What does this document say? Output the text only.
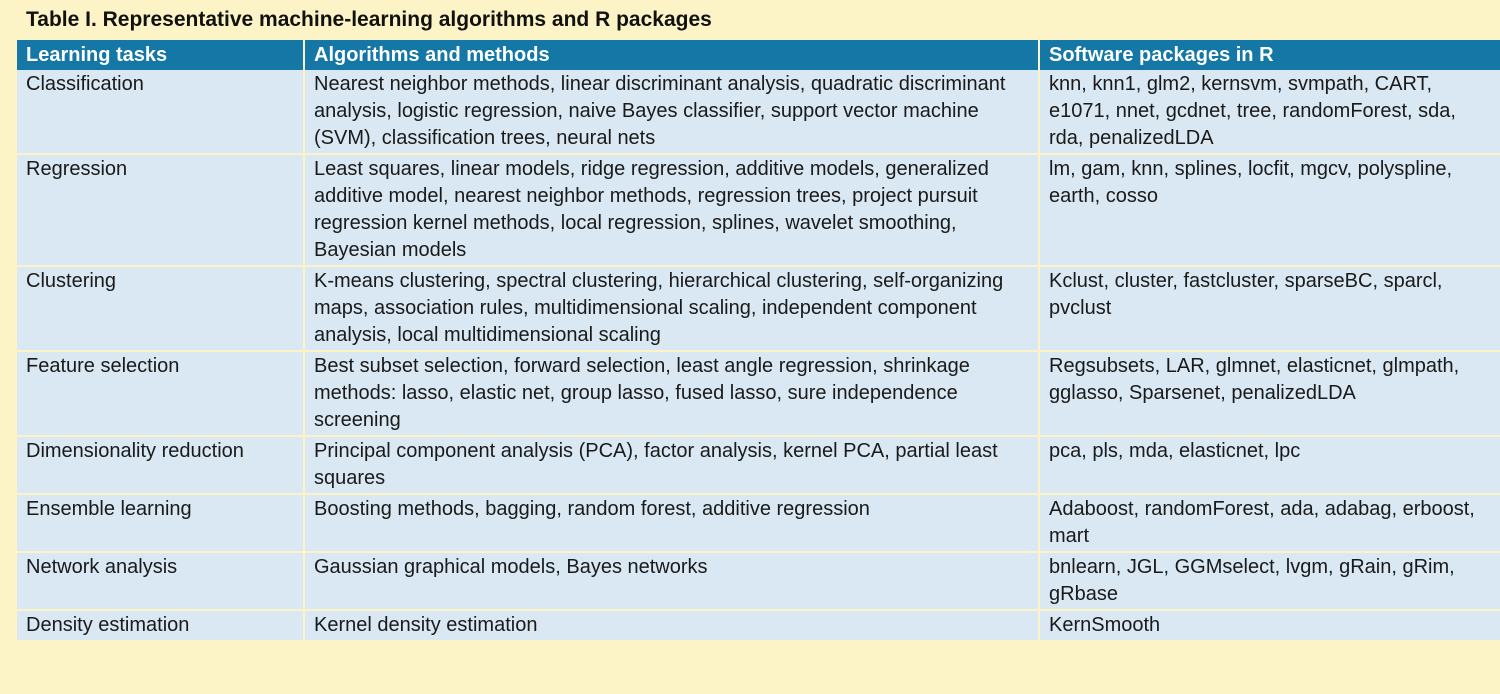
Table I. Representative machine-learning algorithms and R packages
Learning tasks	Algorithms and methods	Software packages in R
Classification	Nearest neighbor methods, linear discriminant analysis, quadratic discriminant analysis, logistic regression, naive Bayes classifier, support vector machine (SVM), classification trees, neural nets	knn, knn1, glm2, kernsvm, svmpath, CART, e1071, nnet, gcdnet, tree, randomForest, sda, rda, penalizedLDA
Regression	Least squares, linear models, ridge regression, additive models, generalized additive model, nearest neighbor methods, regression trees, project pursuit regression kernel methods, local regression, splines, wavelet smoothing, Bayesian models	lm, gam, knn, splines, locfit, mgcv, polyspline, earth, cosso
Clustering	K-means clustering, spectral clustering, hierarchical clustering, self-organizing maps, association rules, multidimensional scaling, independent component analysis, local multidimensional scaling	Kclust, cluster, fastcluster, sparseBC, sparcl, pvclust
Feature selection	Best subset selection, forward selection, least angle regression, shrinkage methods: lasso, elastic net, group lasso, fused lasso, sure independence screening	Regsubsets, LAR, glmnet, elasticnet, glmpath, gglasso, Sparsenet, penalizedLDA
Dimensionality reduction	Principal component analysis (PCA), factor analysis, kernel PCA, partial least squares	pca, pls, mda, elasticnet, lpc
Ensemble learning	Boosting methods, bagging, random forest, additive regression	Adaboost, randomForest, ada, adabag, erboost, mart
Network analysis	Gaussian graphical models, Bayes networks	bnlearn, JGL, GGMselect, lvgm, gRain, gRim, gRbase
Density estimation	Kernel density estimation	KernSmooth
